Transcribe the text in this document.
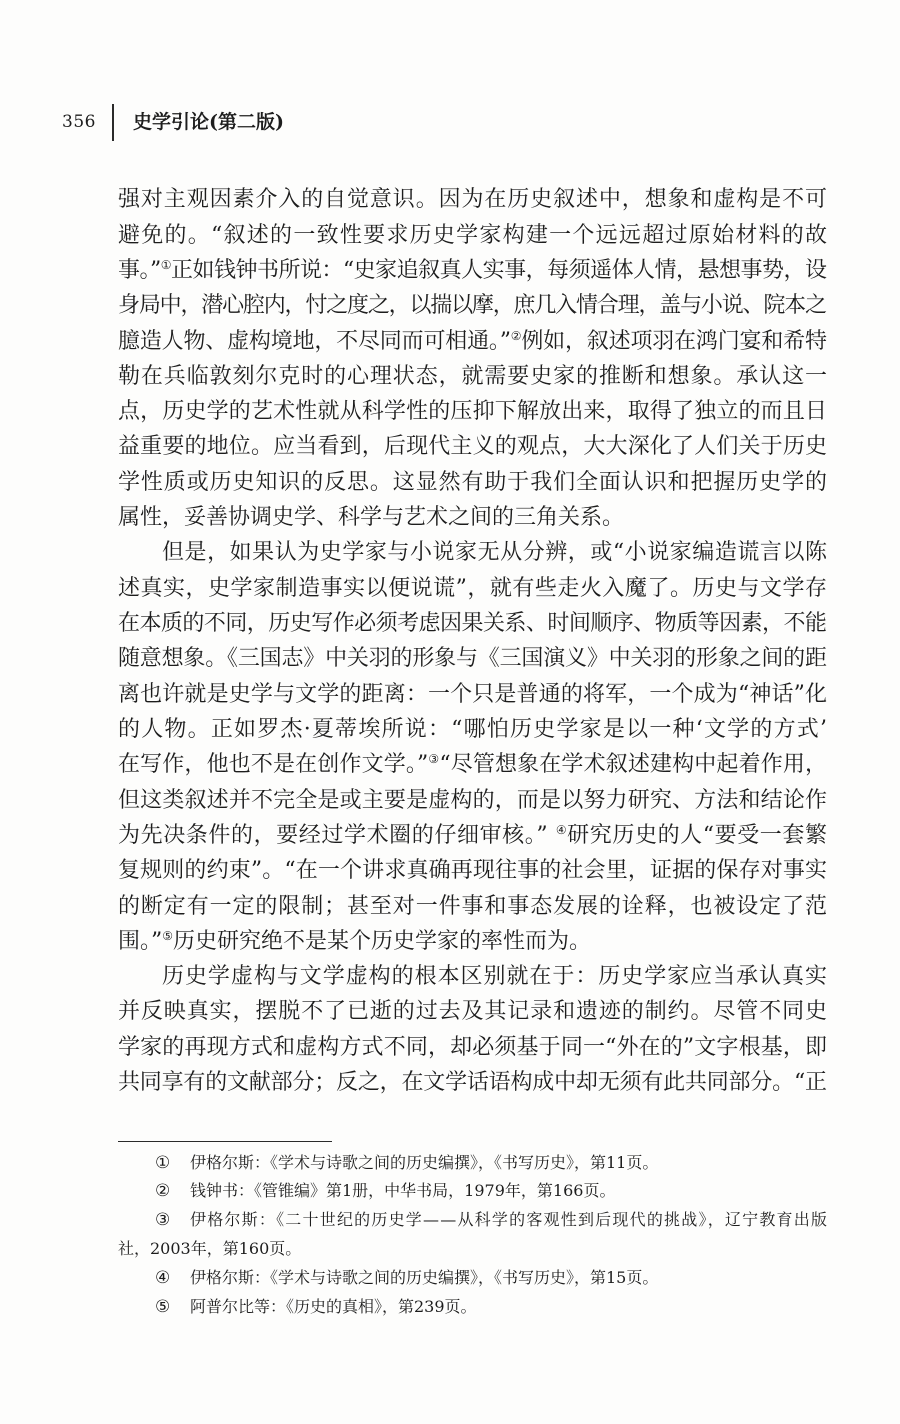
356 史学引论(第二版)
强对主观因素介入的自觉意识。因为在历史叙述中，想象和虚构是不可
避免的。“叙述的一致性要求历史学家构建一个远远超过原始材料的故
事。”①正如钱钟书所说：“史家追叙真人实事，每须遥体人情，悬想事势，设
身局中，潜心腔内，忖之度之，以揣以摩，庶几入情合理，盖与小说、院本之
臆造人物、虚构境地，不尽同而可相通。”②例如，叙述项羽在鸿门宴和希特
勒在兵临敦刻尔克时的心理状态，就需要史家的推断和想象。承认这一
点，历史学的艺术性就从科学性的压抑下解放出来，取得了独立的而且日
益重要的地位。应当看到，后现代主义的观点，大大深化了人们关于历史
学性质或历史知识的反思。这显然有助于我们全面认识和把握历史学的
属性，妥善协调史学、科学与艺术之间的三角关系。
但是，如果认为史学家与小说家无从分辨，或“小说家编造谎言以陈
述真实，史学家制造事实以便说谎”，就有些走火入魔了。历史与文学存
在本质的不同，历史写作必须考虑因果关系、时间顺序、物质等因素，不能
随意想象。《三国志》中关羽的形象与《三国演义》中关羽的形象之间的距
离也许就是史学与文学的距离：一个只是普通的将军，一个成为“神话”化
的人物。正如罗杰·夏蒂埃所说：“哪怕历史学家是以一种‘文学的方式’
在写作，他也不是在创作文学。”③“尽管想象在学术叙述建构中起着作用，
但这类叙述并不完全是或主要是虚构的，而是以努力研究、方法和结论作
为先决条件的，要经过学术圈的仔细审核。” ④研究历史的人“要受一套繁
复规则的约束”。“在一个讲求真确再现往事的社会里，证据的保存对事实
的断定有一定的限制；甚至对一件事和事态发展的诠释，也被设定了范
围。”⑤历史研究绝不是某个历史学家的率性而为。
历史学虚构与文学虚构的根本区别就在于：历史学家应当承认真实
并反映真实，摆脱不了已逝的过去及其记录和遗迹的制约。尽管不同史
学家的再现方式和虚构方式不同，却必须基于同一“外在的”文字根基，即
共同享有的文献部分；反之，在文学话语构成中却无须有此共同部分。“正
①	伊格尔斯：《学术与诗歌之间的历史编撰》，《书写历史》，第11页。
②	钱钟书：《管锥编》第1册，中华书局，1979年，第166页。
③	伊格尔斯：《二十世纪的历史学——从科学的客观性到后现代的挑战》，辽宁教育出版
社，2003年，第160页。
④	伊格尔斯：《学术与诗歌之间的历史编撰》，《书写历史》，第15页。
⑤	阿普尔比等：《历史的真相》，第239页。
